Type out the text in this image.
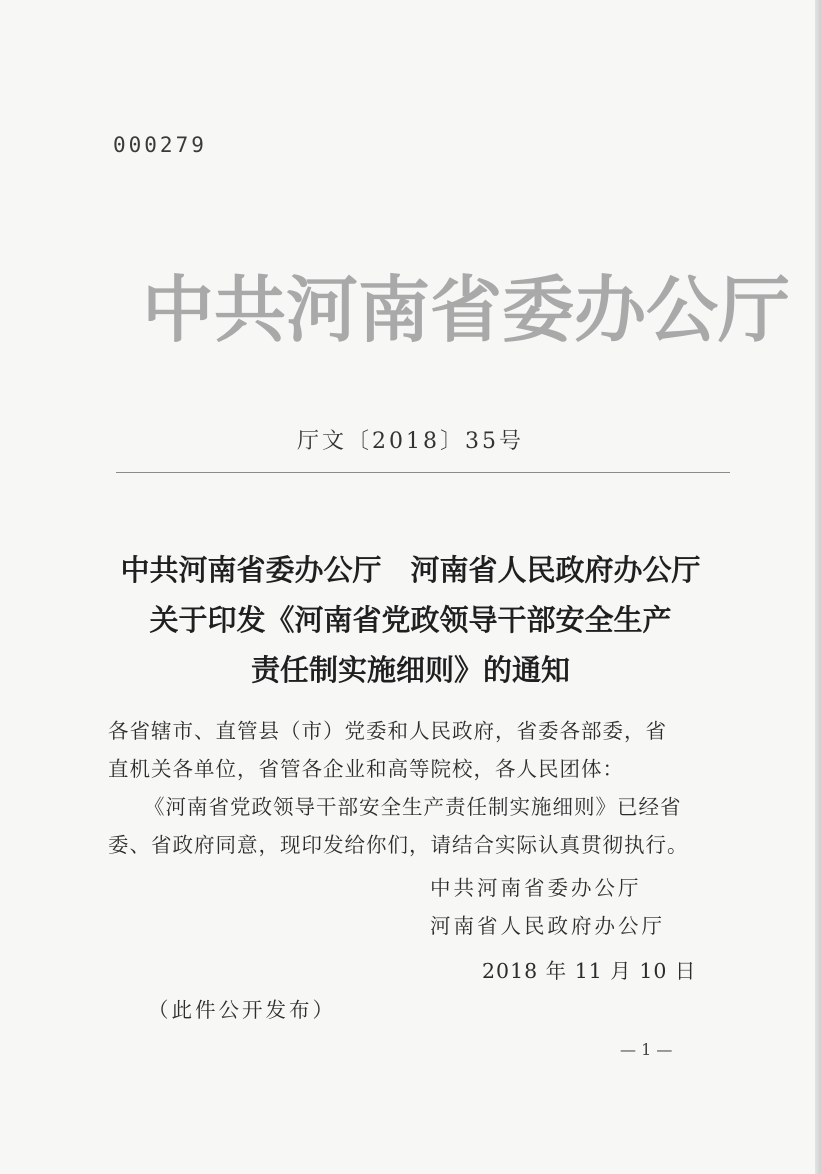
000279
中共河南省委办公厅
厅文〔2018〕35号
中共河南省委办公厅　河南省人民政府办公厅
关于印发《河南省党政领导干部安全生产
责任制实施细则》的通知

各省辖市、直管县（市）党委和人民政府，省委各部委，省

直机关各单位，省管各企业和高等院校，各人民团体：

《河南省党政领导干部安全生产责任制实施细则》已经省

委、省政府同意，现印发给你们，请结合实际认真贯彻执行。

中共河南省委办公厅
河南省人民政府办公厅
2018 年 11 月 10 日
（此件公开发布）
— 1 —
